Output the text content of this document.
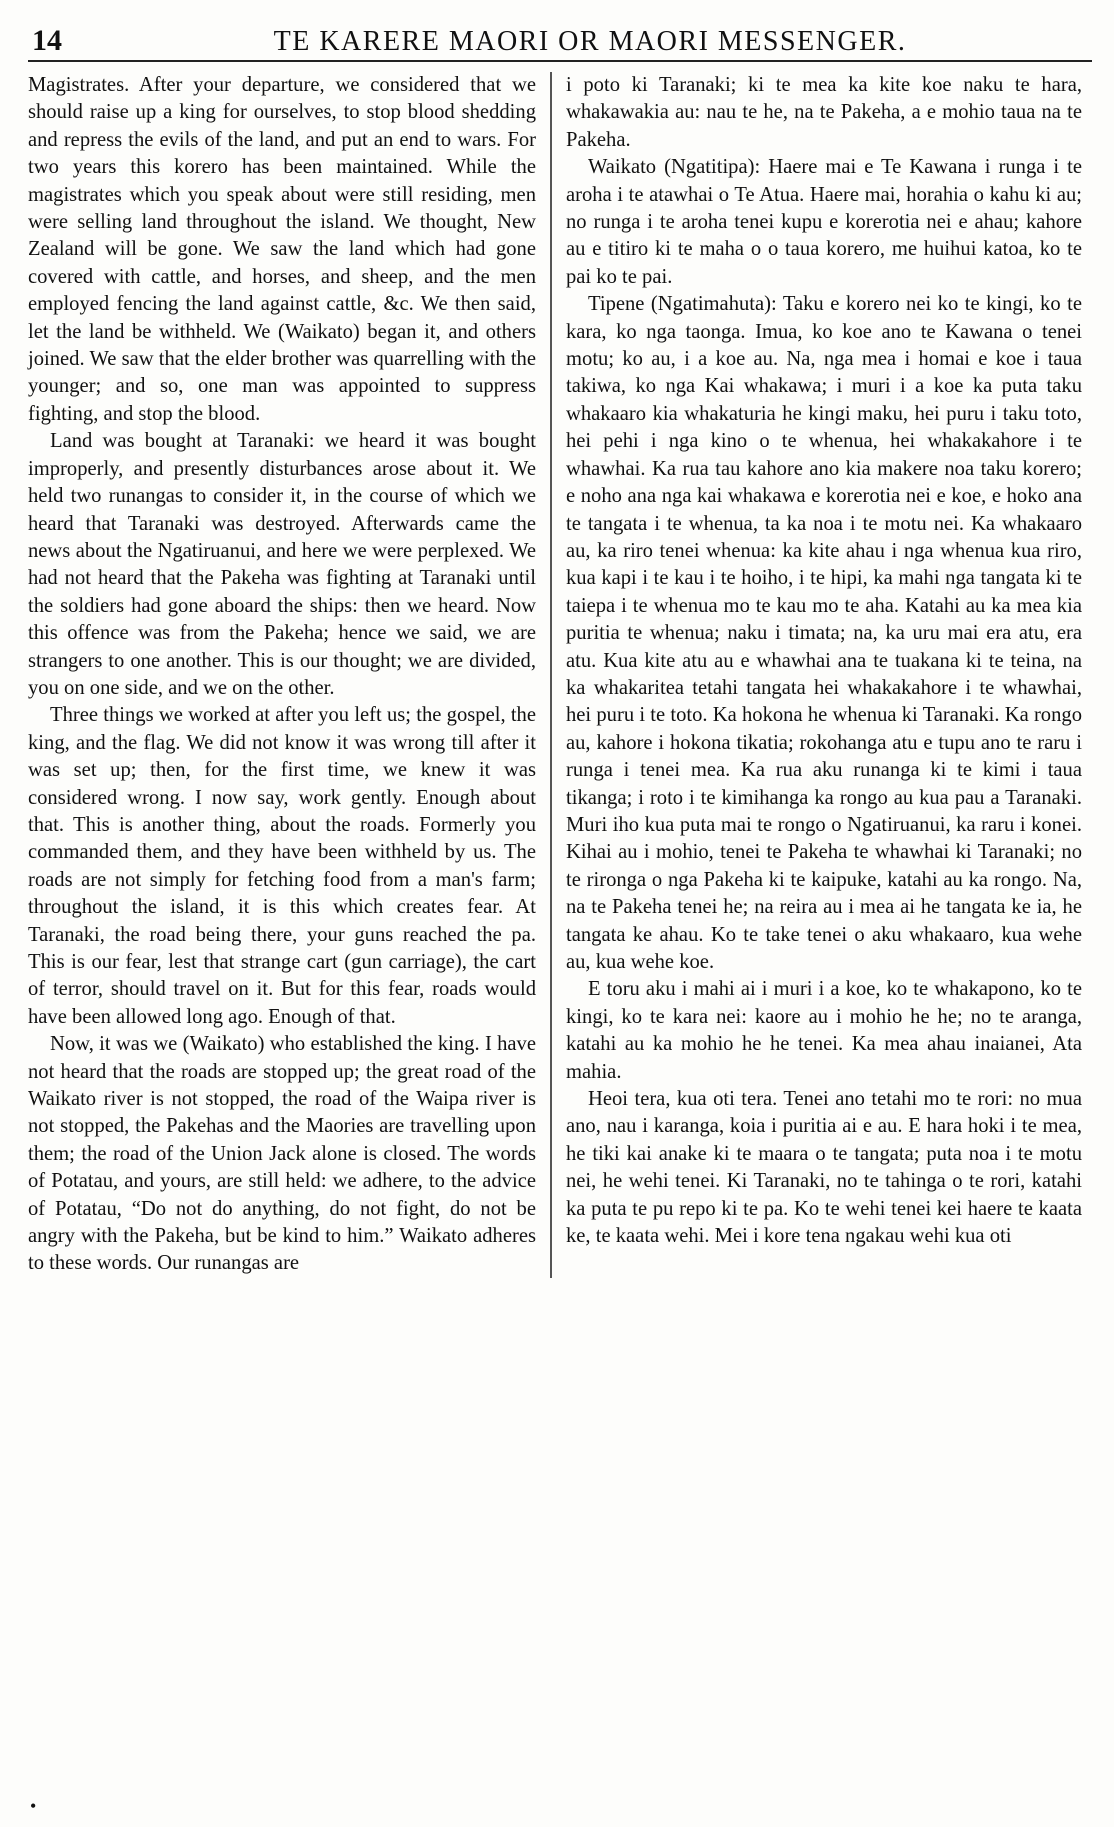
14	TE KARERE MAORI OR MAORI MESSENGER.

Magistrates. After your departure, we considered that we should raise up a king for ourselves, to stop blood shedding and repress the evils of the land, and put an end to wars. For two years this korero has been maintained. While the magistrates which you speak about were still residing, men were selling land throughout the island. We thought, New Zealand will be gone. We saw the land which had gone covered with cattle, and horses, and sheep, and the men employed fencing the land against cattle, &c. We then said, let the land be withheld. We (Waikato) began it, and others joined. We saw that the elder brother was quarrelling with the younger; and so, one man was appointed to suppress fighting, and stop the blood.

Land was bought at Taranaki: we heard it was bought improperly, and presently disturbances arose about it. We held two runangas to consider it, in the course of which we heard that Taranaki was destroyed. Afterwards came the news about the Ngatiruanui, and here we were perplexed. We had not heard that the Pakeha was fighting at Taranaki until the soldiers had gone aboard the ships: then we heard. Now this offence was from the Pakeha; hence we said, we are strangers to one another. This is our thought; we are divided, you on one side, and we on the other.

Three things we worked at after you left us; the gospel, the king, and the flag. We did not know it was wrong till after it was set up; then, for the first time, we knew it was considered wrong. I now say, work gently. Enough about that. This is another thing, about the roads. Formerly you commanded them, and they have been withheld by us. The roads are not simply for fetching food from a man's farm; throughout the island, it is this which creates fear. At Taranaki, the road being there, your guns reached the pa. This is our fear, lest that strange cart (gun carriage), the cart of terror, should travel on it. But for this fear, roads would have been allowed long ago. Enough of that.

Now, it was we (Waikato) who established the king. I have not heard that the roads are stopped up; the great road of the Waikato river is not stopped, the road of the Waipa river is not stopped, the Pakehas and the Maories are travelling upon them; the road of the Union Jack alone is closed. The words of Potatau, and yours, are still held: we adhere, to the advice of Potatau, “Do not do anything, do not fight, do not be angry with the Pakeha, but be kind to him.” Waikato adheres to these words. Our runangas are

i poto ki Taranaki; ki te mea ka kite koe naku te hara, whakawakia au: nau te he, na te Pakeha, a e mohio taua na te Pakeha.

Waikato (Ngatitipa): Haere mai e Te Kawana i runga i te aroha i te atawhai o Te Atua. Haere mai, horahia o kahu ki au; no runga i te aroha tenei kupu e korerotia nei e ahau; kahore au e titiro ki te maha o o taua korero, me huihui katoa, ko te pai ko te pai.

Tipene (Ngatimahuta): Taku e korero nei ko te kingi, ko te kara, ko nga taonga. Imua, ko koe ano te Kawana o tenei motu; ko au, i a koe au. Na, nga mea i homai e koe i taua takiwa, ko nga Kai whakawa; i muri i a koe ka puta taku whakaaro kia whakaturia he kingi maku, hei puru i taku toto, hei pehi i nga kino o te whenua, hei whakakahore i te whawhai. Ka rua tau kahore ano kia makere noa taku korero; e noho ana nga kai whakawa e korerotia nei e koe, e hoko ana te tangata i te whenua, ta ka noa i te motu nei. Ka whakaaro au, ka riro tenei whenua: ka kite ahau i nga whenua kua riro, kua kapi i te kau i te hoiho, i te hipi, ka mahi nga tangata ki te taiepa i te whenua mo te kau mo te aha. Katahi au ka mea kia puritia te whenua; naku i timata; na, ka uru mai era atu, era atu. Kua kite atu au e whawhai ana te tuakana ki te teina, na ka whakaritea tetahi tangata hei whakakahore i te whawhai, hei puru i te toto. Ka hokona he whenua ki Taranaki. Ka rongo au, kahore i hokona tikatia; rokohanga atu e tupu ano te raru i runga i tenei mea. Ka rua aku runanga ki te kimi i taua tikanga; i roto i te kimihanga ka rongo au kua pau a Taranaki. Muri iho kua puta mai te rongo o Ngatiruanui, ka raru i konei. Kihai au i mohio, tenei te Pakeha te whawhai ki Taranaki; no te rironga o nga Pakeha ki te kaipuke, katahi au ka rongo. Na, na te Pakeha tenei he; na reira au i mea ai he tangata ke ia, he tangata ke ahau. Ko te take tenei o aku whakaaro, kua wehe au, kua wehe koe.

E toru aku i mahi ai i muri i a koe, ko te whakapono, ko te kingi, ko te kara nei: kaore au i mohio he he; no te aranga, katahi au ka mohio he he tenei. Ka mea ahau inaianei, Ata mahia.

Heoi tera, kua oti tera. Tenei ano tetahi mo te rori: no mua ano, nau i karanga, koia i puritia ai e au. E hara hoki i te mea, he tiki kai anake ki te maara o te tangata; puta noa i te motu nei, he wehi tenei. Ki Taranaki, no te tahinga o te rori, katahi ka puta te pu repo ki te pa. Ko te wehi tenei kei haere te kaata ke, te kaata wehi. Mei i kore tena ngakau wehi kua oti

•
